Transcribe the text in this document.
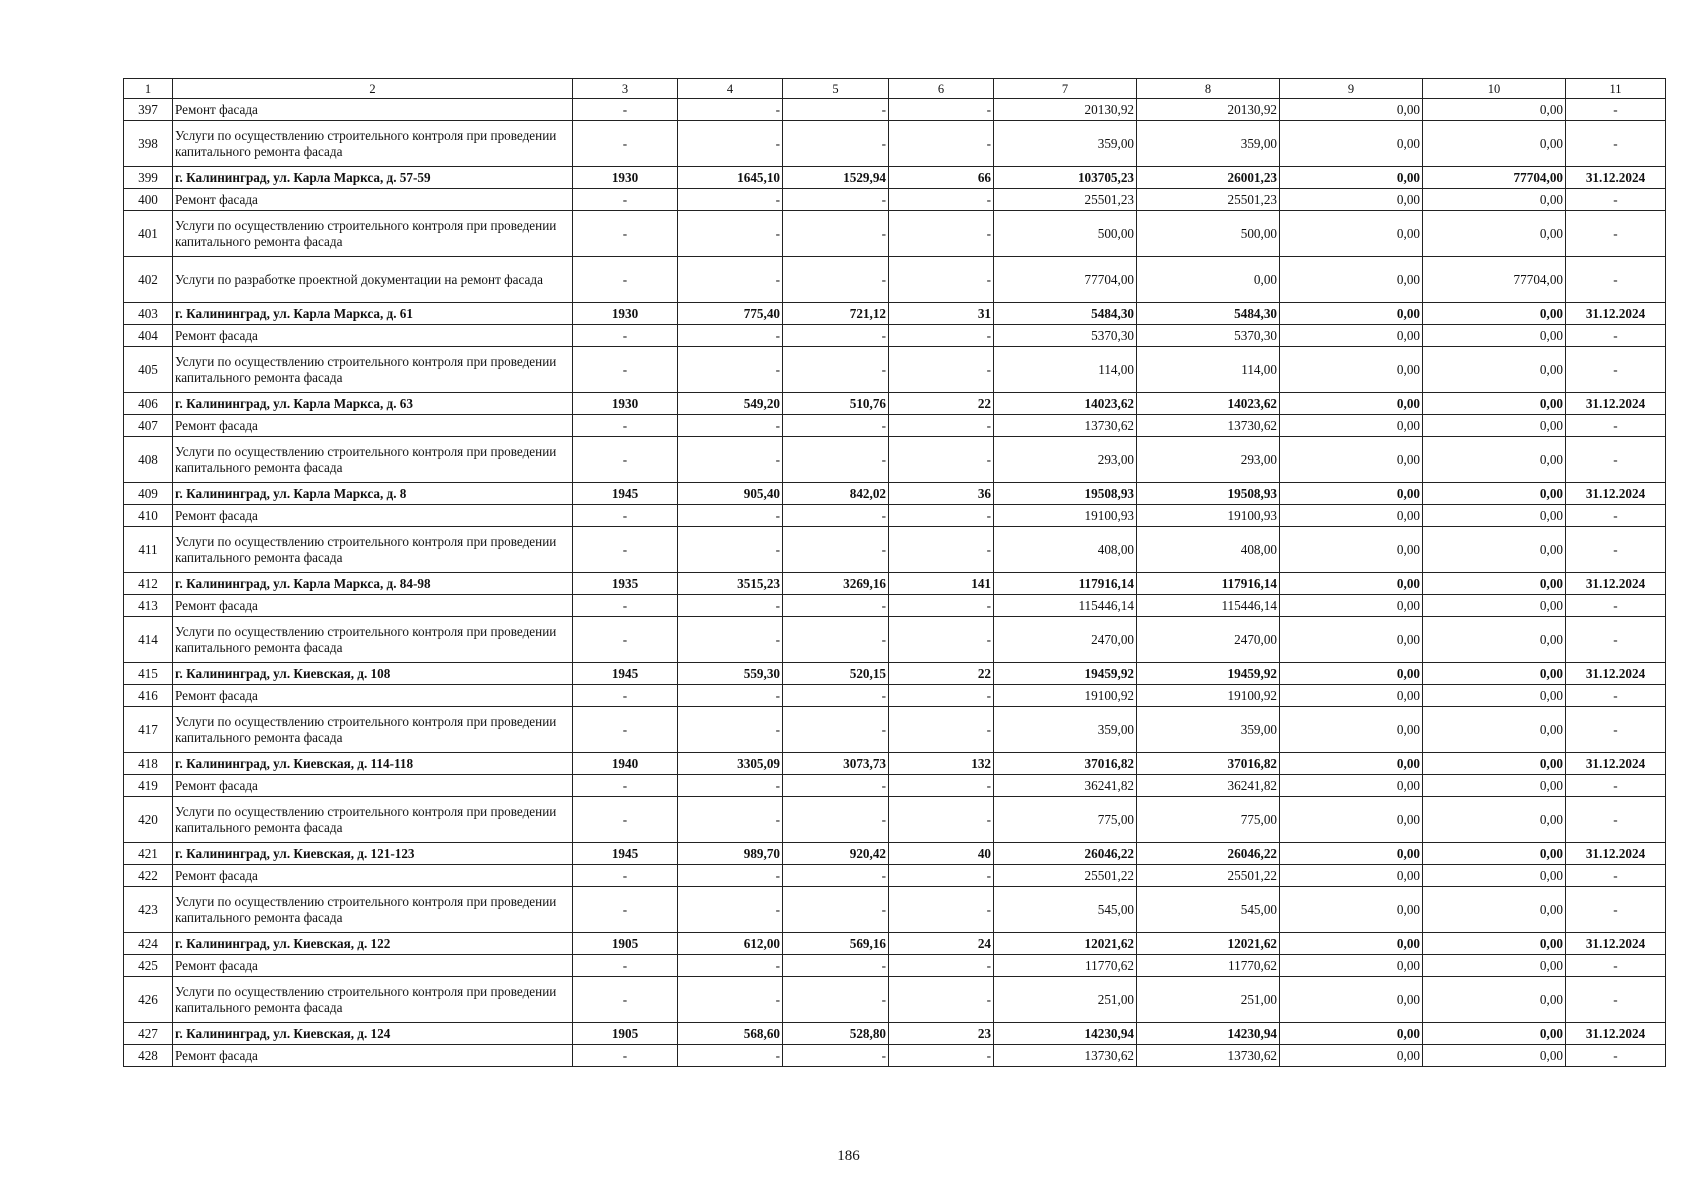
1	2	3	4	5	6	7	8	9	10	11
397	Ремонт фасада	-	-	-	-	20130,92	20130,92	0,00	0,00	-
398	Услуги по осуществлению строительного контроля при проведении капитального ремонта фасада	-	-	-	-	359,00	359,00	0,00	0,00	-
399	г. Калининград, ул. Карла Маркса, д. 57-59	1930	1645,10	1529,94	66	103705,23	26001,23	0,00	77704,00	31.12.2024
400	Ремонт фасада	-	-	-	-	25501,23	25501,23	0,00	0,00	-
401	Услуги по осуществлению строительного контроля при проведении капитального ремонта фасада	-	-	-	-	500,00	500,00	0,00	0,00	-
402	Услуги по разработке проектной документации на ремонт фасада	-	-	-	-	77704,00	0,00	0,00	77704,00	-
403	г. Калининград, ул. Карла Маркса, д. 61	1930	775,40	721,12	31	5484,30	5484,30	0,00	0,00	31.12.2024
404	Ремонт фасада	-	-	-	-	5370,30	5370,30	0,00	0,00	-
405	Услуги по осуществлению строительного контроля при проведении капитального ремонта фасада	-	-	-	-	114,00	114,00	0,00	0,00	-
406	г. Калининград, ул. Карла Маркса, д. 63	1930	549,20	510,76	22	14023,62	14023,62	0,00	0,00	31.12.2024
407	Ремонт фасада	-	-	-	-	13730,62	13730,62	0,00	0,00	-
408	Услуги по осуществлению строительного контроля при проведении капитального ремонта фасада	-	-	-	-	293,00	293,00	0,00	0,00	-
409	г. Калининград, ул. Карла Маркса, д. 8	1945	905,40	842,02	36	19508,93	19508,93	0,00	0,00	31.12.2024
410	Ремонт фасада	-	-	-	-	19100,93	19100,93	0,00	0,00	-
411	Услуги по осуществлению строительного контроля при проведении капитального ремонта фасада	-	-	-	-	408,00	408,00	0,00	0,00	-
412	г. Калининград, ул. Карла Маркса, д. 84-98	1935	3515,23	3269,16	141	117916,14	117916,14	0,00	0,00	31.12.2024
413	Ремонт фасада	-	-	-	-	115446,14	115446,14	0,00	0,00	-
414	Услуги по осуществлению строительного контроля при проведении капитального ремонта фасада	-	-	-	-	2470,00	2470,00	0,00	0,00	-
415	г. Калининград, ул. Киевская, д. 108	1945	559,30	520,15	22	19459,92	19459,92	0,00	0,00	31.12.2024
416	Ремонт фасада	-	-	-	-	19100,92	19100,92	0,00	0,00	-
417	Услуги по осуществлению строительного контроля при проведении капитального ремонта фасада	-	-	-	-	359,00	359,00	0,00	0,00	-
418	г. Калининград, ул. Киевская, д. 114-118	1940	3305,09	3073,73	132	37016,82	37016,82	0,00	0,00	31.12.2024
419	Ремонт фасада	-	-	-	-	36241,82	36241,82	0,00	0,00	-
420	Услуги по осуществлению строительного контроля при проведении капитального ремонта фасада	-	-	-	-	775,00	775,00	0,00	0,00	-
421	г. Калининград, ул. Киевская, д. 121-123	1945	989,70	920,42	40	26046,22	26046,22	0,00	0,00	31.12.2024
422	Ремонт фасада	-	-	-	-	25501,22	25501,22	0,00	0,00	-
423	Услуги по осуществлению строительного контроля при проведении капитального ремонта фасада	-	-	-	-	545,00	545,00	0,00	0,00	-
424	г. Калининград, ул. Киевская, д. 122	1905	612,00	569,16	24	12021,62	12021,62	0,00	0,00	31.12.2024
425	Ремонт фасада	-	-	-	-	11770,62	11770,62	0,00	0,00	-
426	Услуги по осуществлению строительного контроля при проведении капитального ремонта фасада	-	-	-	-	251,00	251,00	0,00	0,00	-
427	г. Калининград, ул. Киевская, д. 124	1905	568,60	528,80	23	14230,94	14230,94	0,00	0,00	31.12.2024
428	Ремонт фасада	-	-	-	-	13730,62	13730,62	0,00	0,00	-
186
